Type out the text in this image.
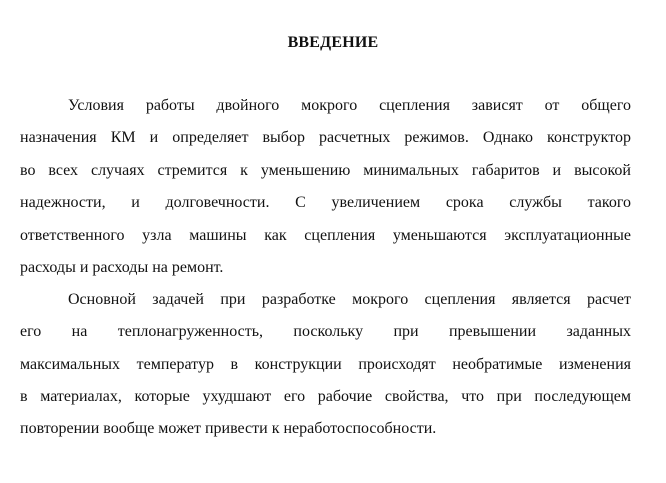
ВВЕДЕНИЕ
Условия работы двойного мокрого сцепления зависят от общего
назначения КМ и определяет выбор расчетных режимов. Однако конструктор
во всех случаях стремится к уменьшению минимальных габаритов и высокой
надежности, и долговечности. С увеличением срока службы такого
ответственного узла машины как сцепления уменьшаются эксплуатационные
расходы и расходы на ремонт.
Основной задачей при разработке мокрого сцепления является расчет
его на теплонагруженность, поскольку при превышении заданных
максимальных температур в конструкции происходят необратимые изменения
в материалах, которые ухудшают его рабочие свойства, что при последующем
повторении вообще может привести к неработоспособности.
